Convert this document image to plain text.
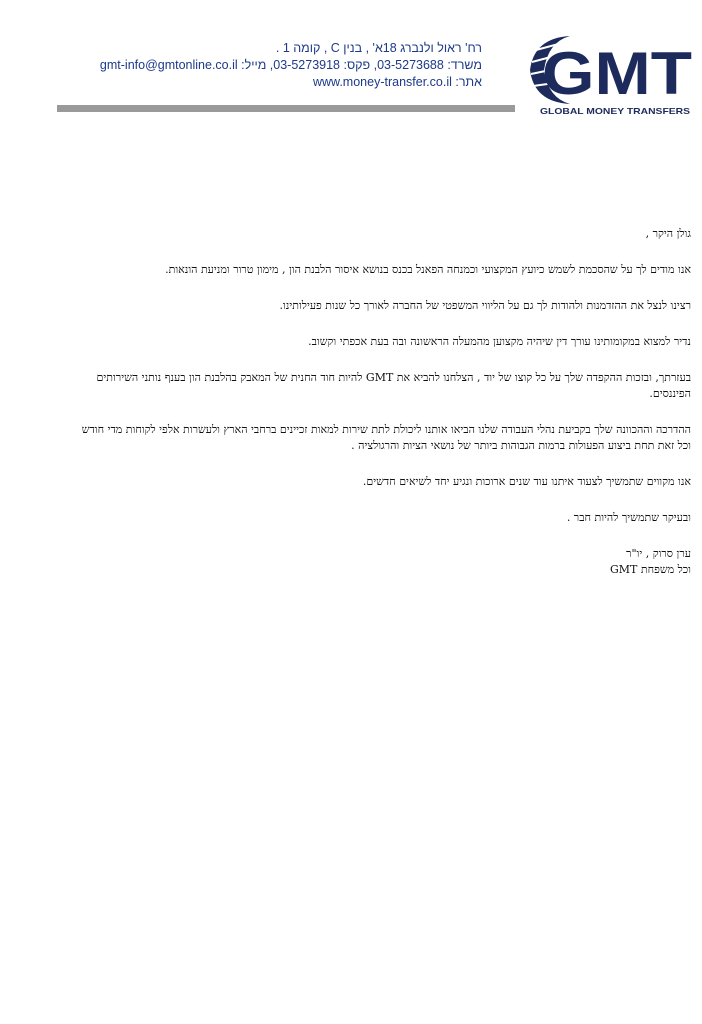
רח' ראול ולנברג 18א' , בנין C , קומה 1 .
משרד: 03-5273688, פקס: 03-5273918, מייל: gmt-info@gmtonline.co.il
אתר: www.money-transfer.co.il	GMT
GLOBAL MONEY TRANSFERS

גולן היקר ,

אנו מודים לך על שהסכמת לשמש כיועץ המקצועי וכמנחה הפאנל בכנס בנושא איסור הלבנת הון , מימון טרור ומניעת הונאות.

רצינו לנצל את ההזדמנות ולהודות לך גם על הליווי המשפטי של החברה לאורך כל שנות פעילותינו.

נדיר למצוא במקומותינו עורך דין שיהיה מקצוען מהמעלה הראשונה ובה בעת אכפתי וקשוב.

בעזרתך, ובזכות ההקפדה שלך על כל קוצו של יוד , הצלחנו להביא את GMT להיות חוד החנית של המאבק בהלבנת הון בענף נותני השירותים הפיננסים.

ההדרכה וההכוונה שלך בקביעת נהלי העבודה שלנו הביאו אותנו ליכולת לתת שירות למאות זכיינים ברחבי הארץ ולעשרות אלפי לקוחות מדי חודש וכל זאת תחת ביצוע הפעולות ברמות הגבוהות ביותר של נושאי הציות והרגולציה .

אנו מקווים שתמשיך לצעוד איתנו עוד שנים ארוכות ונגיע יחד לשיאים חדשים.

ובעיקר שתמשיך להיות חבר .

ערן סרוק , יו"ר

וכל משפחת GMT
